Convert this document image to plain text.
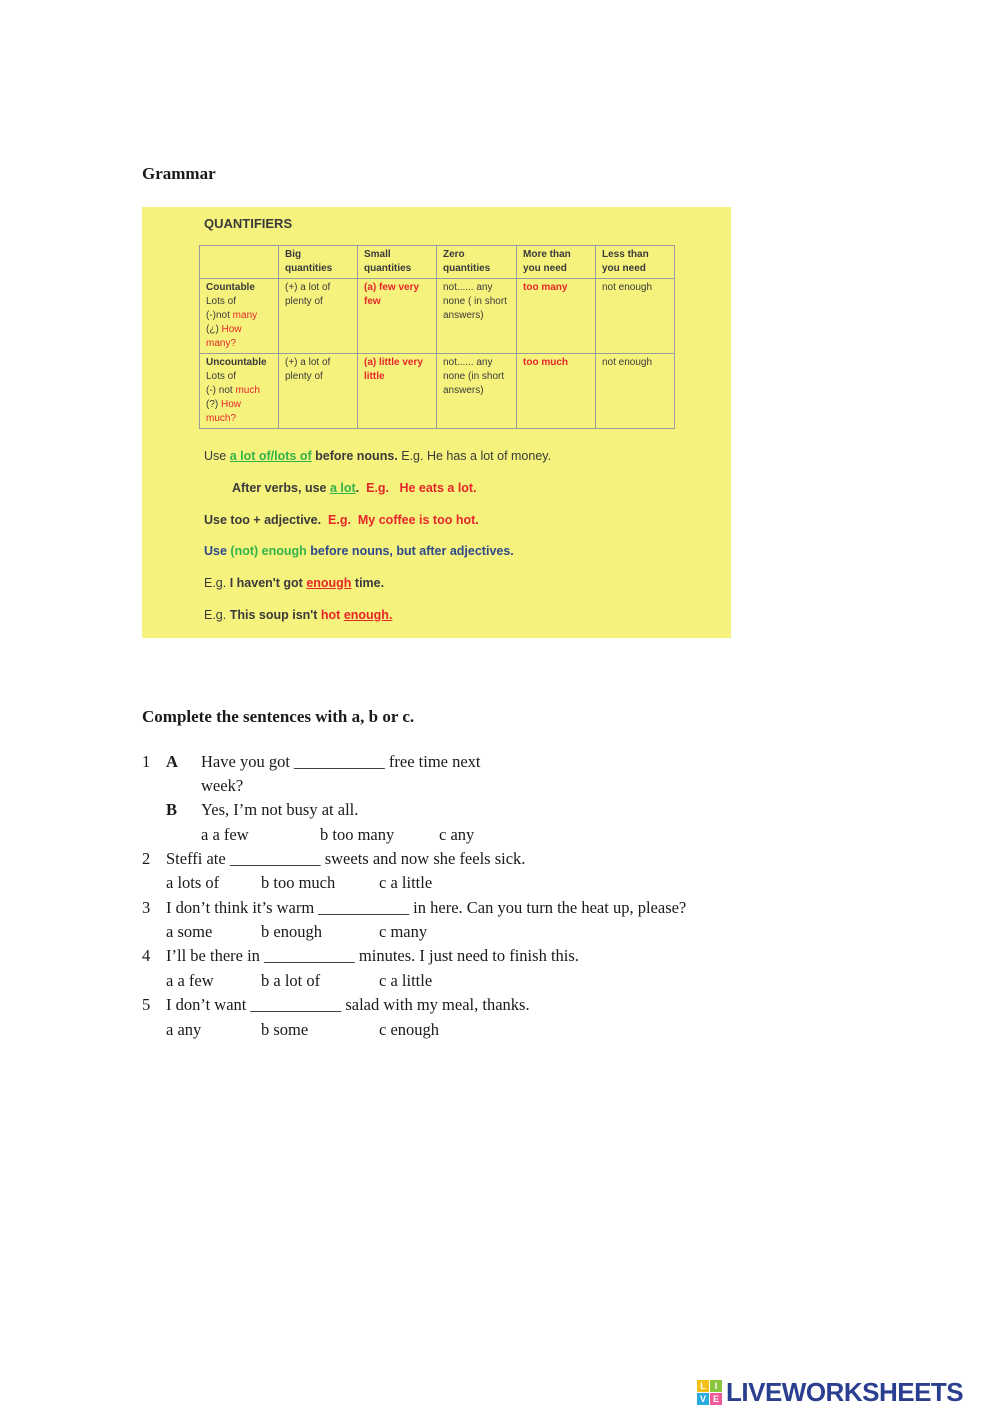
Grammar
QUANTIFIERS
	Big quantities	Small quantities	Zero quantities	More than you need	Less than you need

Countable
Lots of
(-)not many
(¿) How many?	(+) a lot of plenty of	(a) few very few	not...... any none ( in short answers)	too many	not enough

Uncountable
Lots of
(-) not much
(?) How much?	(+) a lot of plenty of	(a) little very little	not...... any none (in short answers)	too much	not enough
Use a lot of/lots of before nouns. E.g. He has a lot of money.
After verbs, use a lot. E.g. He eats a lot.
Use too + adjective. E.g. My coffee is too hot.
Use (not) enough before nouns, but after adjectives.
E.g. I haven't got enough time.
E.g. This soup isn't hot enough.
Complete the sentences with a, b or c.
1 A Have you got ___________ free time next
week?
B Yes, I’m not busy at all.
a a few	b too many	c any
2 Steffi ate ___________ sweets and now she feels sick.
a lots of	b too much	c a little
3 I don’t think it’s warm ___________ in here. Can you turn the heat up, please?
a some	b enough	c many
4 I’ll be there in ___________ minutes. I just need to finish this.
a a few	b a lot of	c a little
5 I don’t want ___________ salad with my meal, thanks.
a any	b some	c enough
L I
V E LIVEWORKSHEETS
